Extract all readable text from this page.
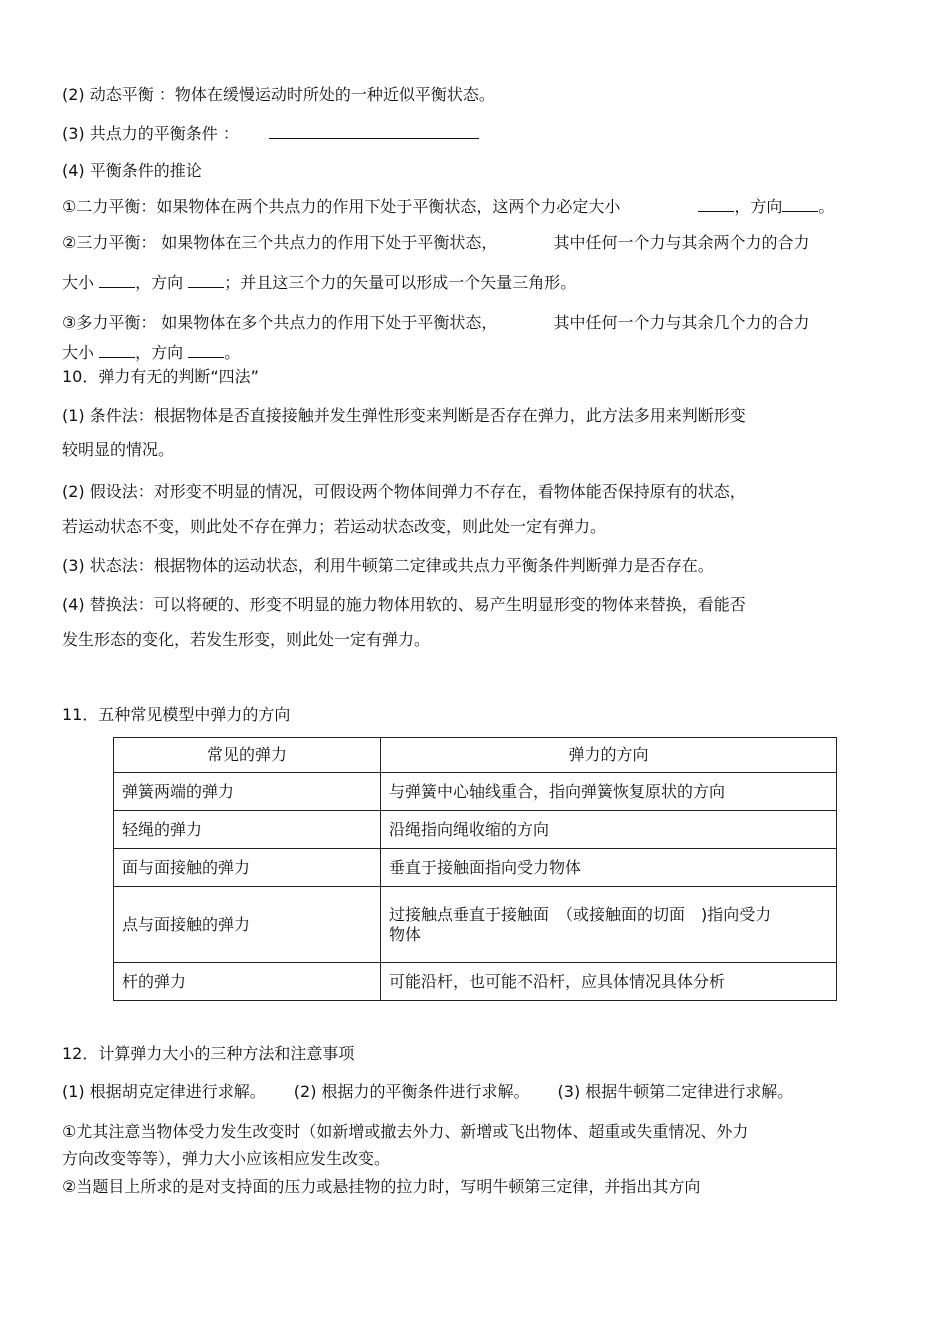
(2) 动态平衡 ：物体在缓慢运动时所处的一种近似平衡状态。
(3) 共点力的平衡条件 ：
(4) 平衡条件的推论
①二力平衡：如果物体在两个共点力的作用下处于平衡状态，这两个力必定大小	，方向 。
②三力平衡： 如果物体在三个共点力的作用下处于平衡状态，	其中任何一个力与其余两个力的合力
大小	，方向	；并且这三个力的矢量可以形成一个矢量三角形。
③多力平衡： 如果物体在多个共点力的作用下处于平衡状态，	其中任何一个力与其余几个力的合力
大小	，方向	。
10．弹力有无的判断“四法”
(1) 条件法：根据物体是否直接接触并发生弹性形变来判断是否存在弹力，此方法多用来判断形变
较明显的情况。
(2) 假设法：对形变不明显的情况，可假设两个物体间弹力不存在，看物体能否保持原有的状态，
若运动状态不变，则此处不存在弹力；若运动状态改变，则此处一定有弹力。
(3) 状态法：根据物体的运动状态，利用牛顿第二定律或共点力平衡条件判断弹力是否存在。
(4) 替换法：可以将硬的、形变不明显的施力物体用软的、易产生明显形变的物体来替换，看能否
发生形态的变化，若发生形变，则此处一定有弹力。
11．五种常见模型中弹力的方向
常见的弹力	弹力的方向
弹簧两端的弹力	与弹簧中心轴线重合，指向弹簧恢复原状的方向
轻绳的弹力	沿绳指向绳收缩的方向
面与面接触的弹力	垂直于接触面指向受力物体
点与面接触的弹力	过接触点垂直于接触面　（或接触面的切面　)指向受力
物体

杆的弹力	可能沿杆，也可能不沿杆，应具体情况具体分析
12．计算弹力大小的三种方法和注意事项
(1) 根据胡克定律进行求解。 (2) 根据力的平衡条件进行求解。 (3) 根据牛顿第二定律进行求解。
①尤其注意当物体受力发生改变时（如新增或撤去外力、新增或飞出物体、超重或失重情况、外力
方向改变等等），弹力大小应该相应发生改变。
②当题目上所求的是对支持面的压力或悬挂物的拉力时，写明牛顿第三定律，并指出其方向
